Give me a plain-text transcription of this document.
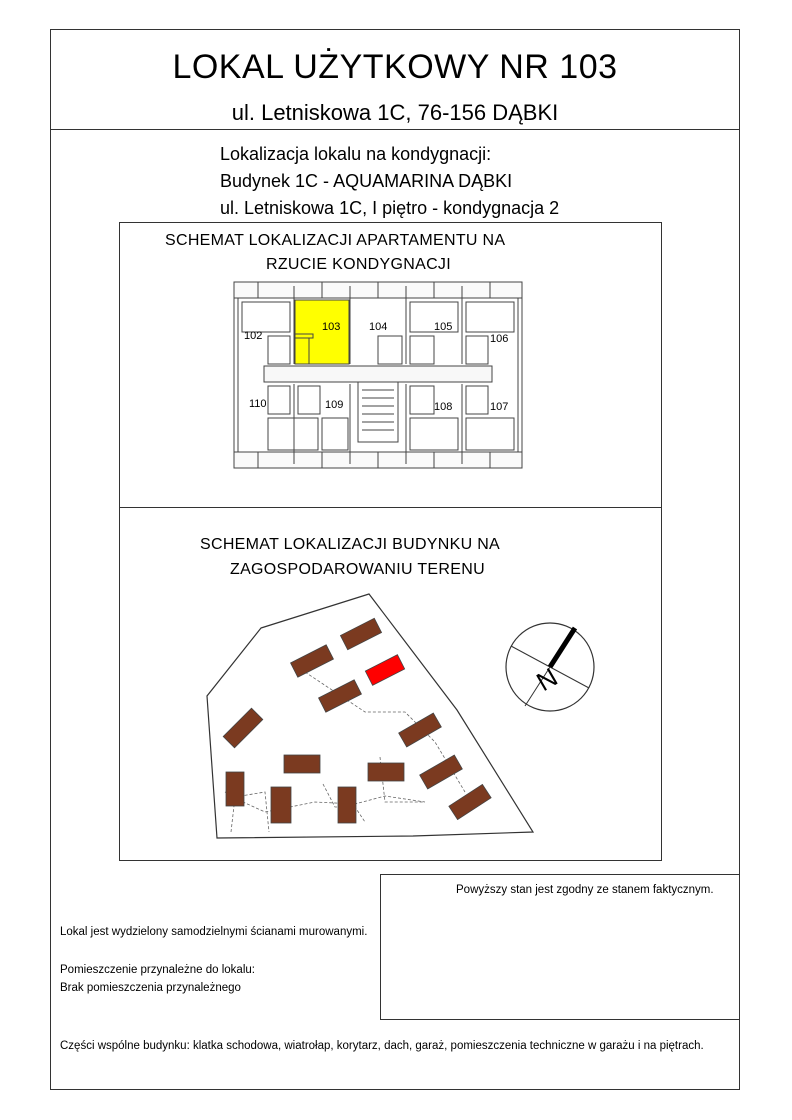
LOKAL UŻYTKOWY NR 103
ul. Letniskowa 1C, 76-156 DĄBKI
Lokalizacja lokalu na kondygnacji:
Budynek 1C - AQUAMARINA DĄBKI
ul. Letniskowa 1C, I piętro - kondygnacja 2
SCHEMAT LOKALIZACJI APARTAMENTU NA
RZUCIE KONDYGNACJI
102
103	104	105
106
107
108
109
110
SCHEMAT LOKALIZACJI BUDYNKU NA
ZAGOSPODAROWANIU TERENU
N
Powyższy stan jest zgodny ze stanem faktycznym.
Lokal jest wydzielony samodzielnymi ścianami murowanymi.
Pomieszczenie przynależne do lokalu:
Brak pomieszczenia przynależnego
Części wspólne budynku: klatka schodowa, wiatrołap, korytarz, dach, garaż, pomieszczenia techniczne w garażu i na piętrach.
